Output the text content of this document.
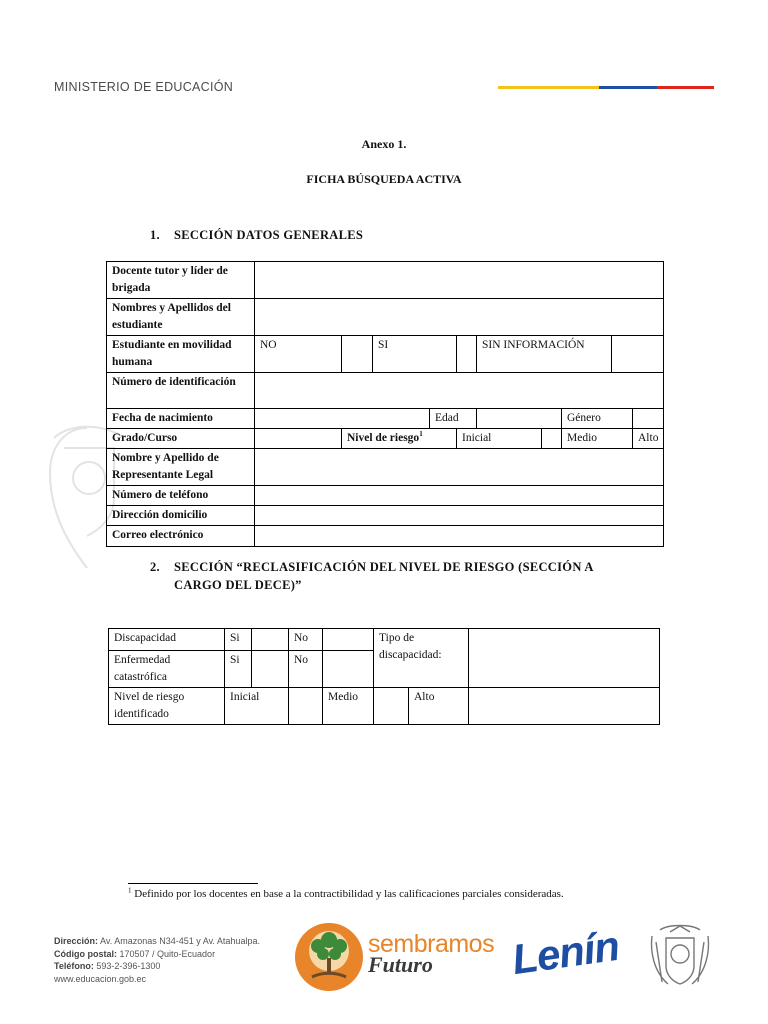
MINISTERIO DE EDUCACIÓN
Anexo 1.
FICHA BÚSQUEDA ACTIVA
1. SECCIÓN DATOS GENERALES
Docente tutor y líder de brigada											
Nombres y Apellidos del estudiante											
Estudiante en movilidad humana	NO		SI			SIN INFORMACIÓN					
Número de identificación											
Fecha de nacimiento				Edad				Género			
Grado/Curso		Nivel de riesgo$^1$			Inicial			Medio		Alto	
Nombre y Apellido de Representante Legal											
Número de teléfono											
Dirección domicilio											
Correo electrónico											
2. SECCIÓN “RECLASIFICACIÓN DEL NIVEL DE RIESGO (SECCIÓN A
CARGO DEL DECE)”
Discapacidad	Si		No		Tipo de discapacidad:		
Enfermedad catastrófica	Si		No				
Nivel de riesgo identificado	Inicial			Medio		Alto	
$^1$ Definido por los docentes en base a la contractibilidad y las calificaciones parciales consideradas.
Dirección: Av. Amazonas N34-451 y Av. Atahualpa.
Código postal: 170507 / Quito-Ecuador
Teléfono: 593-2-396-1300
www.educacion.gob.ec
sembramos
Futuro Lenín
